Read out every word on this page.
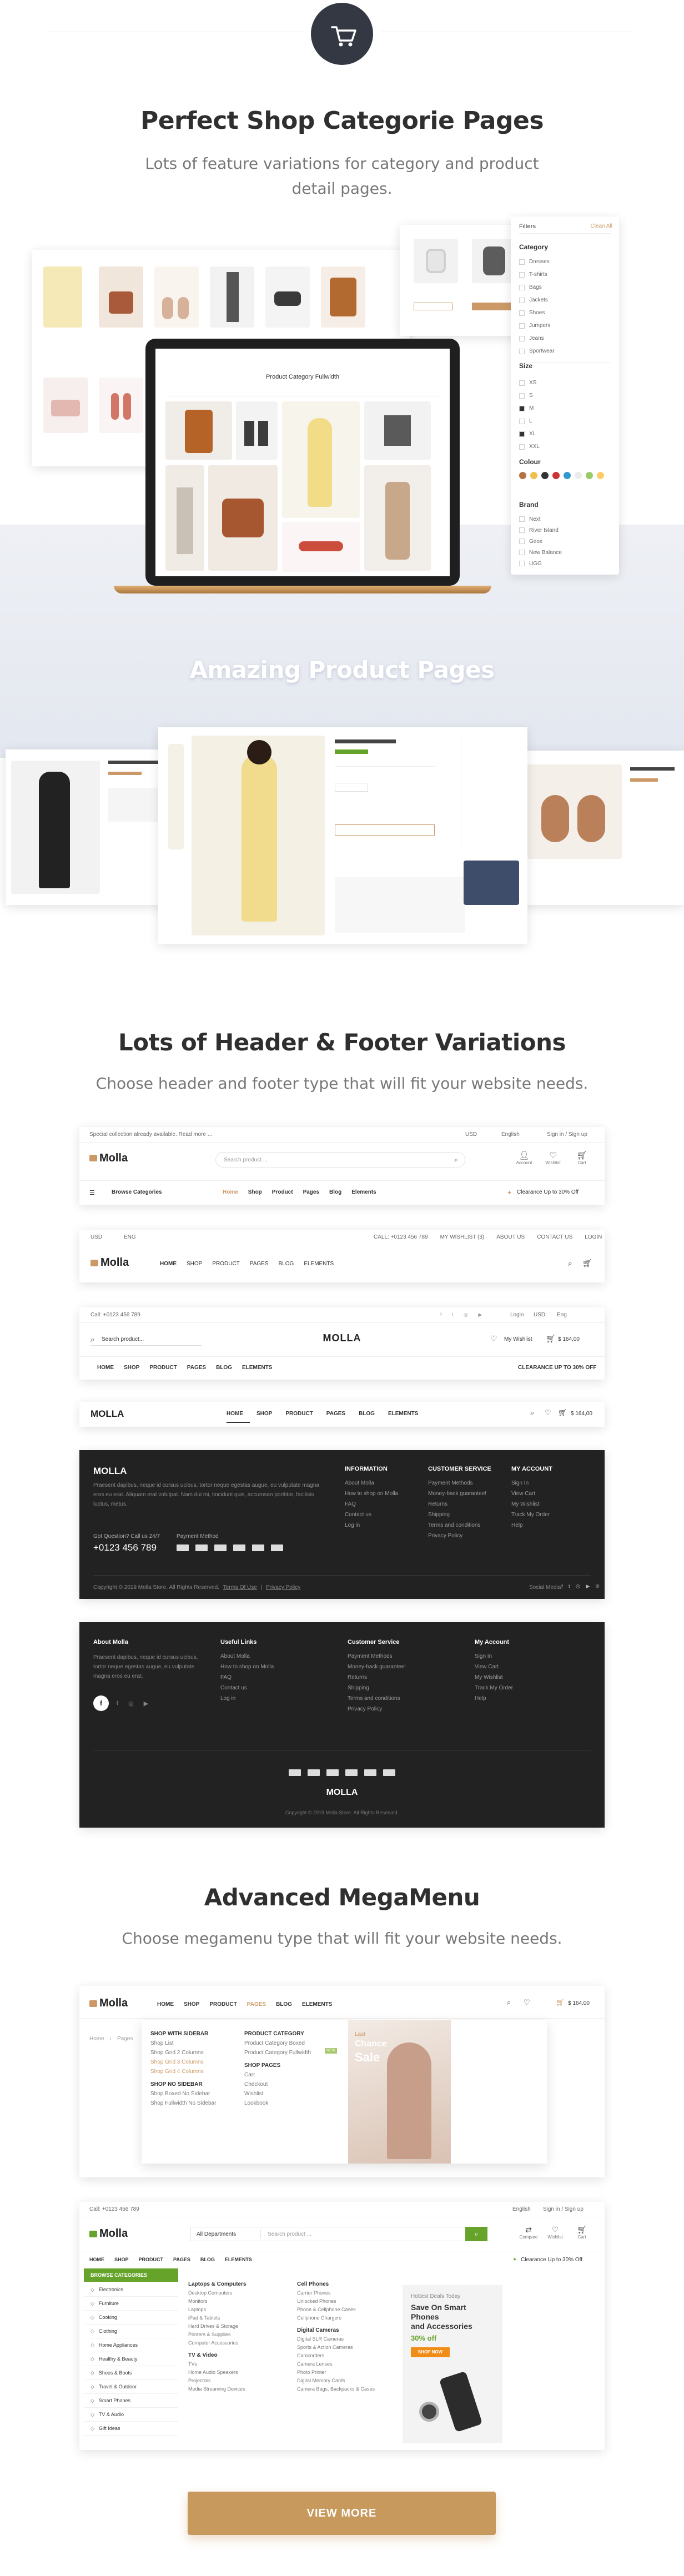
Perfect Shop Categorie Pages
Lots of feature variations for category and product
detail pages.
Product Category Fullwidth
Filters	Clean All
Category
Dresses
T-shirts
Bags
Jackets
Shoes
Jumpers
Jeans
Sportwear
Size
XS
S
M
L
XL
XXL
Colour
Brand
Next
River Island
Geox
New Balance
UGG
Amazing Product Pages
Lots of Header & Footer Variations
Choose header and footer type that will fit your website needs.
Special collection already available. Read more ...	USD	English	Sign in / Sign up
Molla	Search product ...	⌕	👤︎
Account
♡
Wishlist
🛒︎
Cart
☰	Browse Categories	Home Shop Product Pages Blog Elements	✦ Clearance Up to 30% Off
USD	ENG	CALL: +0123 456 789 MY WISHLIST (3) ABOUT US CONTACT US LOGIN
Molla	HOME SHOP PRODUCT PAGES BLOG ELEMENTS	⌕ 🛒︎
Call: +0123 456 789	f t ◎ ▶	Login USD Eng
⌕ Search product...	MOLLA	♡ My Wishlist 🛒︎ $ 164,00
HOME SHOP PRODUCT PAGES BLOG ELEMENTS	CLEARANCE UP TO 30% OFF
MOLLA	HOME SHOP PRODUCT PAGES BLOG ELEMENTS	⌕ ♡ 🛒︎ $ 164,00
MOLLA
Praesent dapibus, neque id cursus ucibus, tortor neque egestas augue, eu vulputate magna eros eu erat. Aliquam erat volutpat. Nam dui mi, tincidunt quis, accumsan porttitor, facilisis luctus, metus.
Got Question? Call us 24/7
+0123 456 789
Payment Method
INFORMATION
About Molla
How to shop on Molla
FAQ
Contact us
Log in
CUSTOMER SERVICE
Payment Methods
Money-back guarantee!
Returns
Shipping
Terms and conditions
Privacy Policy
MY ACCOUNT
Sign In
View Cart
My Wishlist
Track My Order
Help
Copyright © 2019 Molla Store. All Rights Reserved. Terms Of Use | Privacy Policy	Social Media f t ◎ ▶ ℗
About Molla	Useful Links
About Molla
How to shop on Molla
FAQ
Contact us
Log in
Customer Service
Payment Methods
Money-back guarantee!
Returns
Shipping
Terms and conditions
Privacy Policy
My Account
Sign In
View Cart
My Wishlist
Track My Order
Help
Praesent dapibus, neque id cursus ucibus, tortor neque egestas augue, eu vulputate magna eros eu erat.
f	t ◎ ▶
MOLLA
Copyright © 2019 Molla Store. All Rights Reserved.
Advanced MegaMenu
Choose megamenu type that will fit your website needs.
Molla	HOME SHOP PRODUCT PAGES BLOG ELEMENTS	⌕ ♡	🛒︎ $ 164,00
Home › Pages
SHOP WITH SIDEBAR
Shop List
Shop Grid 2 Columns
Shop Grid 3 Columns
Shop Grid 4 Columns
SHOP NO SIDEBAR
Shop Boxed No Sidebar
Shop Fullwidth No Sidebar
PRODUCT CATEGORY
Product Category Boxed
Product Category Fullwidth
SHOP PAGES
Cart
Checkout
Wishlist
Lookbook
NEW
Last
Chance
Sale
Call: +0123 456 789	English Sign in / Sign up
Molla	All Departments	Search product ...	⌕	⇄
Compare
♡
Wishlist
🛒︎
Cart
HOME SHOP PRODUCT PAGES BLOG ELEMENTS	✦ Clearance Up to 30% Off
BROWSE CATEGORIES
◇ Electronics
◇ Furniture
◇ Cooking
◇ Clothing
◇ Home Appliances
◇ Healthy & Beauty
◇ Shoes & Boots
◇ Travel & Outdoor
◇ Smart Phones
◇ TV & Audio
◇ Gift Ideas
Laptops & Computers
Desktop Computers
Monitors
Laptops
iPad & Tablets
Hard Drives & Storage
Printers & Supplies
Computer Accessories
TV & Video
TVs
Home Audio Speakers
Projectors
Media Streaming Devices
Cell Phones
Carrier Phones
Unlocked Phones
Phone & Cellphone Cases
Cellphone Chargers
Digital Cameras
Digital SLR Cameras
Sports & Action Cameras
Camcorders
Camera Lenses
Photo Printer
Digital Memory Cards
Camera Bags, Backpacks & Cases
Hottest Deals Today
Save On Smart
Phones
and Accessories
30% off
SHOP NOW
VIEW MORE
